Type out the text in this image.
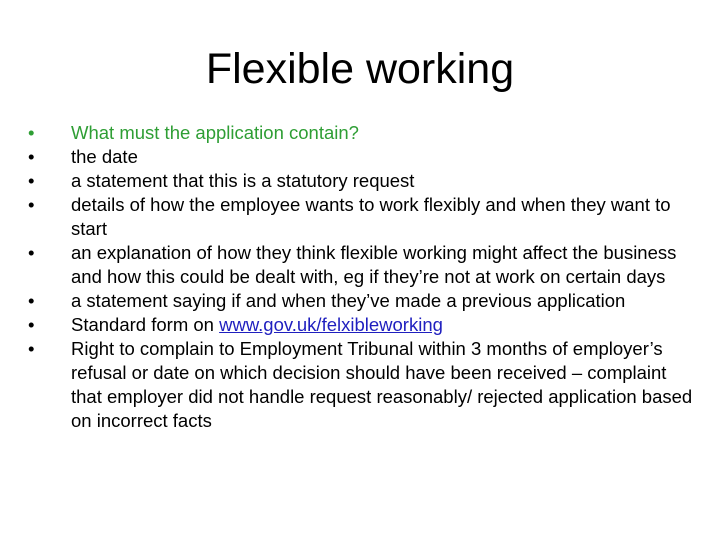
Flexible working
• What must the application contain?
• the date
• a statement that this is a statutory request
• details of how the employee wants to work flexibly and when they want to start
• an explanation of how they think flexible working might affect the business and how this could be dealt with, eg if they’re not at work on certain days
• a statement saying if and when they’ve made a previous application
• Standard form on www.gov.uk/felxibleworking
• Right to complain to Employment Tribunal within 3 months of employer’s refusal or date on which decision should have been received – complaint that employer did not handle request reasonably/ rejected application based on incorrect facts
